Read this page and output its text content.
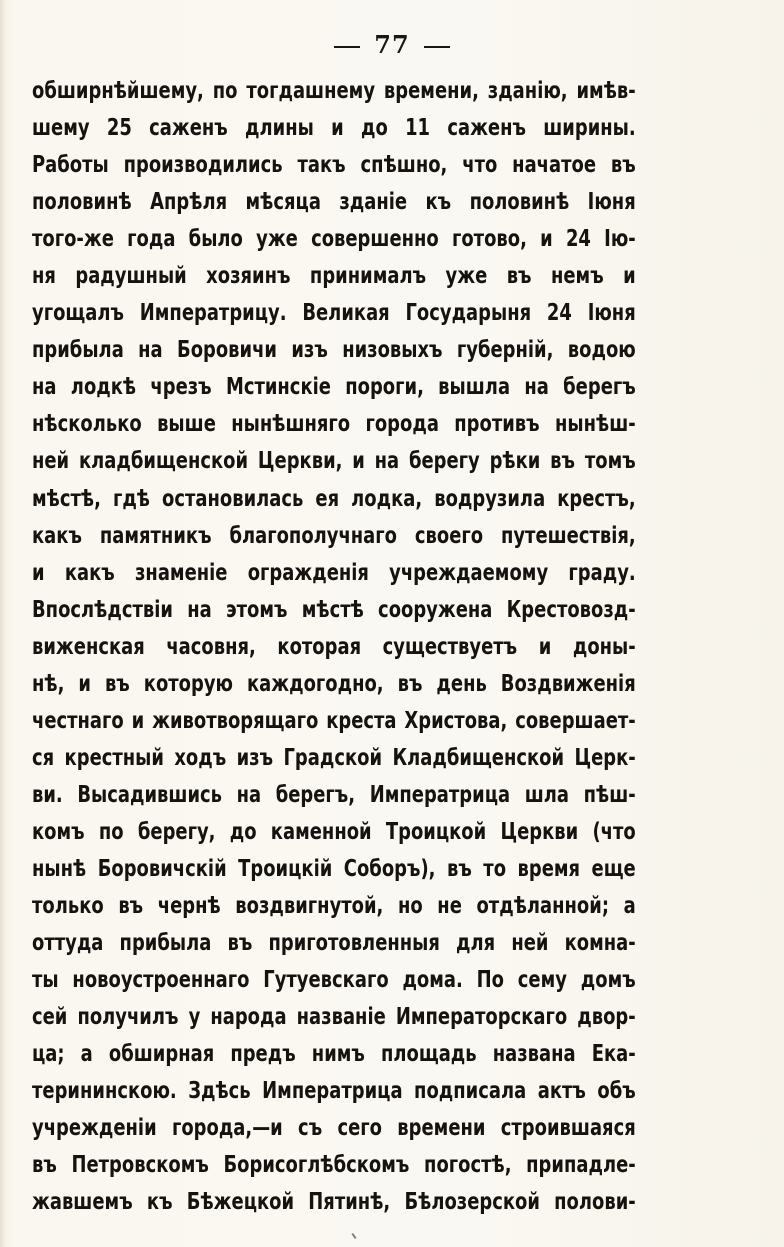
77
обширнѣйшему, по тогдашнему времени, зданію, имѣв-
шему 25 саженъ длины и до 11 саженъ ширины.
Работы производились такъ спѣшно, что начатое въ
половинѣ Апрѣля мѣсяца зданіе къ половинѣ Іюня
того-же года было уже совершенно готово, и 24 Ію-
ня радушный хозяинъ принималъ уже въ немъ и
угощалъ Императрицу. Великая Государыня 24 Іюня
прибыла на Боровичи изъ низовыхъ губерній, водою
на лодкѣ чрезъ Мстинскіе пороги, вышла на берегъ
нѣсколько выше нынѣшняго города противъ нынѣш-
ней кладбищенской Церкви, и на берегу рѣки въ томъ
мѣстѣ, гдѣ остановилась ея лодка, водрузила крестъ,
какъ памятникъ благополучнаго своего путешествія,
и какъ знаменіе огражденія учреждаемому граду.
Впослѣдствіи на этомъ мѣстѣ сооружена Крестовозд-
виженская часовня, которая существуетъ и доны-
нѣ, и въ которую каждогодно, въ день Воздвиженія
честнаго и животворящаго креста Христова, совершает-
ся крестный ходъ изъ Градской Кладбищенской Церк-
ви. Высадившись на берегъ, Императрица шла пѣш-
комъ по берегу, до каменной Троицкой Церкви (что
нынѣ Боровичскій Троицкій Соборъ), въ то время еще
только въ чернѣ воздвигнутой, но не отдѣланной; а
оттуда прибыла въ приготовленныя для ней комна-
ты новоустроеннаго Гутуевскаго дома. По сему домъ
сей получилъ у народа названіе Императорскаго двор-
ца; а обширная предъ нимъ площадь названа Ека-
терининскою. Здѣсь Императрица подписала актъ объ
учрежденіи города,—и съ сего времени строившаяся
въ Петровскомъ Борисоглѣбскомъ погостѣ, припадле-
жавшемъ къ Бѣжецкой Пятинѣ, Бѣлозерской полови-
